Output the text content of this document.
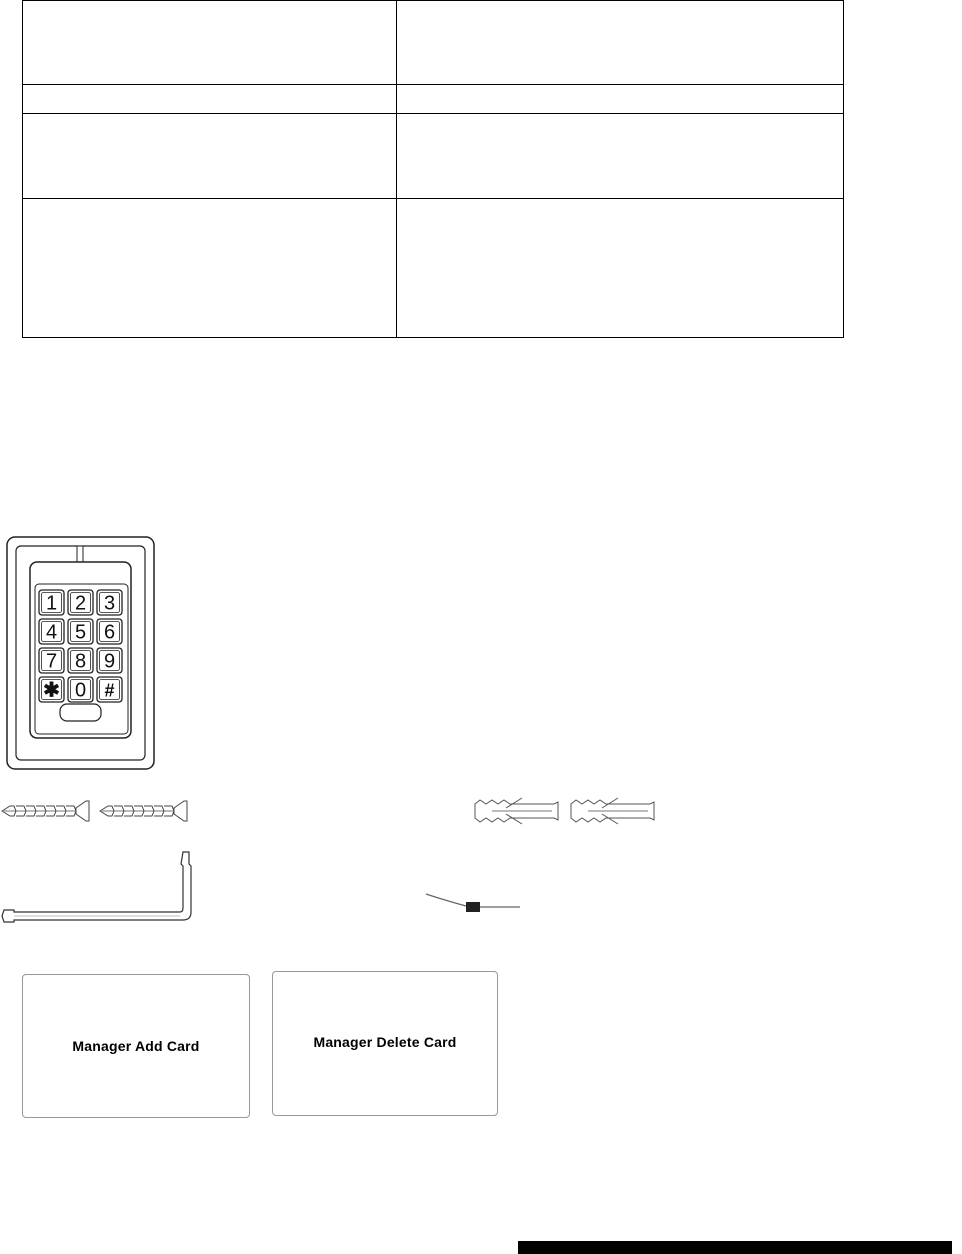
1 2 3
4 5 6
7 8 9
✱ 0 #
Manager Add Card	Manager Delete Card
